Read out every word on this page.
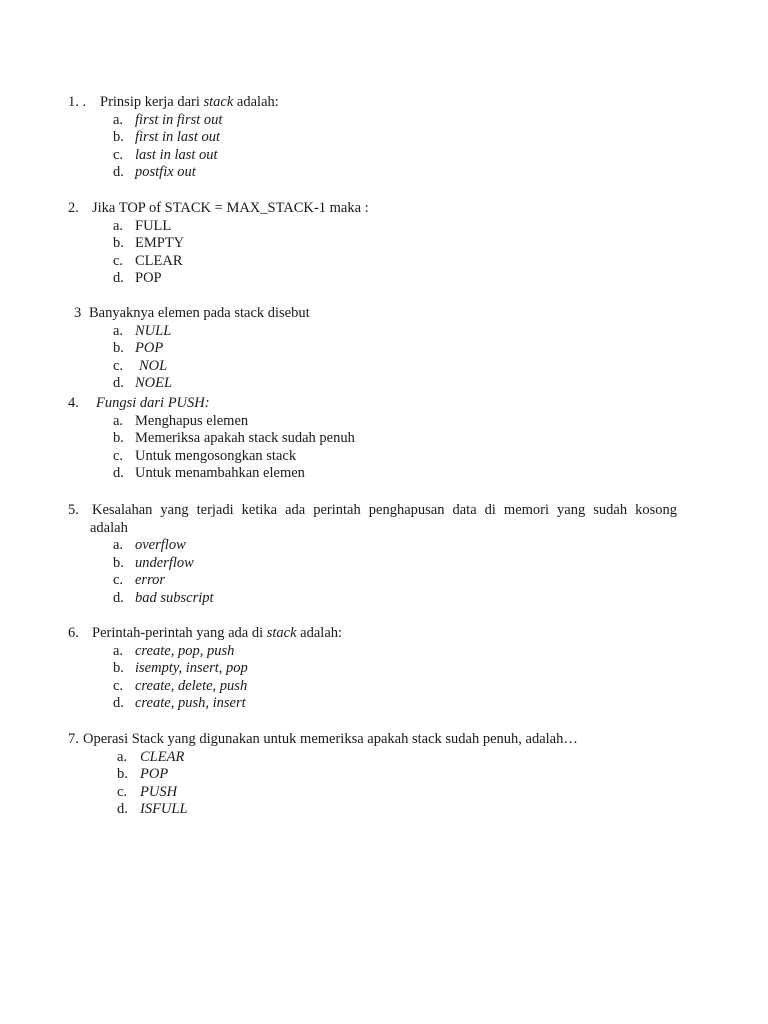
1. . Prinsip kerja dari stack adalah:
a. first in first out
b. first in last out
c. last in last out
d. postfix out
2. Jika TOP of STACK = MAX_STACK-1 maka :
a. FULL
b. EMPTY
c. CLEAR
d. POP
3 Banyaknya elemen pada stack disebut
a. NULL
b. POP
c.	NOL
d. NOEL
4. Fungsi dari PUSH:
a. Menghapus elemen
b. Memeriksa apakah stack sudah penuh
c. Untuk mengosongkan stack
d. Untuk menambahkan elemen
5. Kesalahan yang terjadi ketika ada perintah penghapusan data di memori yang sudah kosong
adalah
a. overflow
b. underflow
c. error
d. bad subscript
6. Perintah-perintah yang ada di stack adalah:
a. create, pop, push
b. isempty, insert, pop
c. create, delete, push
d. create, push, insert
7. Operasi Stack yang digunakan untuk memeriksa apakah stack sudah penuh, adalah…
a. CLEAR
b. POP
c. PUSH
d. ISFULL
